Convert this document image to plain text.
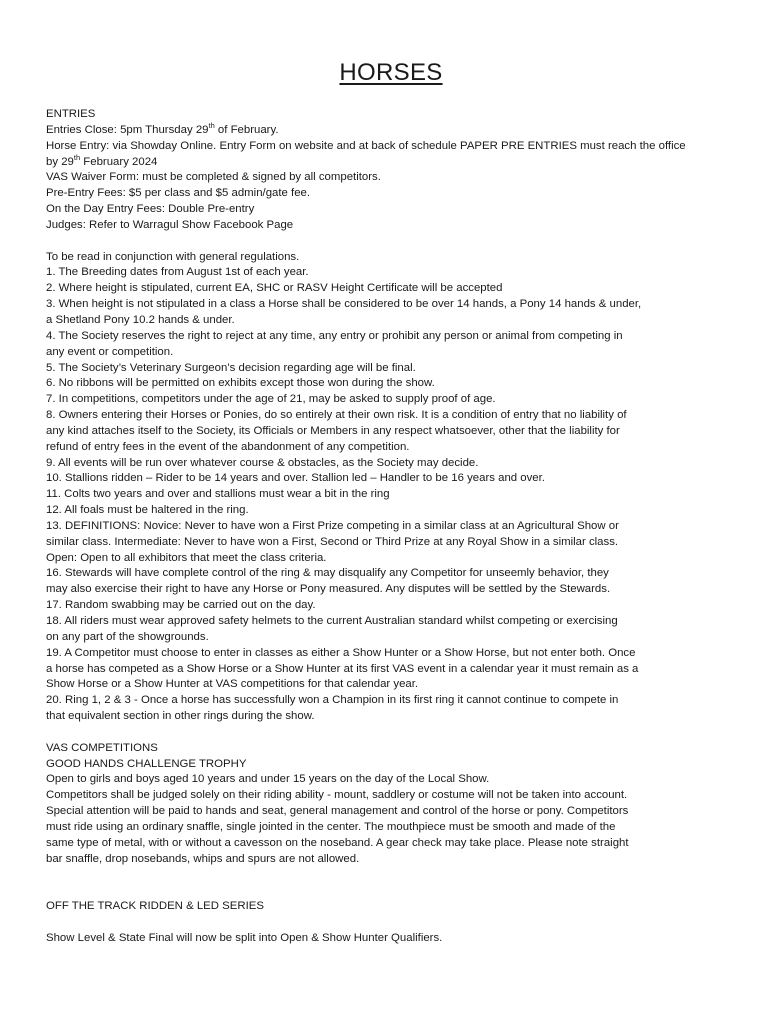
HORSES

ENTRIES

Entries Close: 5pm Thursday 29th of February.

Horse Entry: via Showday Online. Entry Form on website and at back of schedule PAPER PRE ENTRIES must reach the office

by 29th February 2024

VAS Waiver Form: must be completed & signed by all competitors.

Pre-Entry Fees: $5 per class and $5 admin/gate fee.

On the Day Entry Fees: Double Pre-entry

Judges: Refer to Warragul Show Facebook Page

To be read in conjunction with general regulations.

1. The Breeding dates from August 1st of each year.

2. Where height is stipulated, current EA, SHC or RASV Height Certificate will be accepted

3. When height is not stipulated in a class a Horse shall be considered to be over 14 hands, a Pony 14 hands & under,

a Shetland Pony 10.2 hands & under.

4. The Society reserves the right to reject at any time, any entry or prohibit any person or animal from competing in

any event or competition.

5. The Society’s Veterinary Surgeon’s decision regarding age will be final.

6. No ribbons will be permitted on exhibits except those won during the show.

7. In competitions, competitors under the age of 21, may be asked to supply proof of age.

8. Owners entering their Horses or Ponies, do so entirely at their own risk. It is a condition of entry that no liability of

any kind attaches itself to the Society, its Officials or Members in any respect whatsoever, other that the liability for

refund of entry fees in the event of the abandonment of any competition.

9. All events will be run over whatever course & obstacles, as the Society may decide.

10. Stallions ridden – Rider to be 14 years and over. Stallion led – Handler to be 16 years and over.

11. Colts two years and over and stallions must wear a bit in the ring

12. All foals must be haltered in the ring.

13. DEFINITIONS: Novice: Never to have won a First Prize competing in a similar class at an Agricultural Show or

similar class. Intermediate: Never to have won a First, Second or Third Prize at any Royal Show in a similar class.

Open: Open to all exhibitors that meet the class criteria.

16. Stewards will have complete control of the ring & may disqualify any Competitor for unseemly behavior, they

may also exercise their right to have any Horse or Pony measured. Any disputes will be settled by the Stewards.

17. Random swabbing may be carried out on the day.

18. All riders must wear approved safety helmets to the current Australian standard whilst competing or exercising

on any part of the showgrounds.

19. A Competitor must choose to enter in classes as either a Show Hunter or a Show Horse, but not enter both. Once

a horse has competed as a Show Horse or a Show Hunter at its first VAS event in a calendar year it must remain as a

Show Horse or a Show Hunter at VAS competitions for that calendar year.

20. Ring 1, 2 & 3 - Once a horse has successfully won a Champion in its first ring it cannot continue to compete in

that equivalent section in other rings during the show.

VAS COMPETITIONS

GOOD HANDS CHALLENGE TROPHY

Open to girls and boys aged 10 years and under 15 years on the day of the Local Show.

Competitors shall be judged solely on their riding ability - mount, saddlery or costume will not be taken into account.

Special attention will be paid to hands and seat, general management and control of the horse or pony. Competitors

must ride using an ordinary snaffle, single jointed in the center. The mouthpiece must be smooth and made of the

same type of metal, with or without a cavesson on the noseband. A gear check may take place. Please note straight

bar snaffle, drop nosebands, whips and spurs are not allowed.

OFF THE TRACK RIDDEN & LED SERIES

Show Level & State Final will now be split into Open & Show Hunter Qualifiers.
